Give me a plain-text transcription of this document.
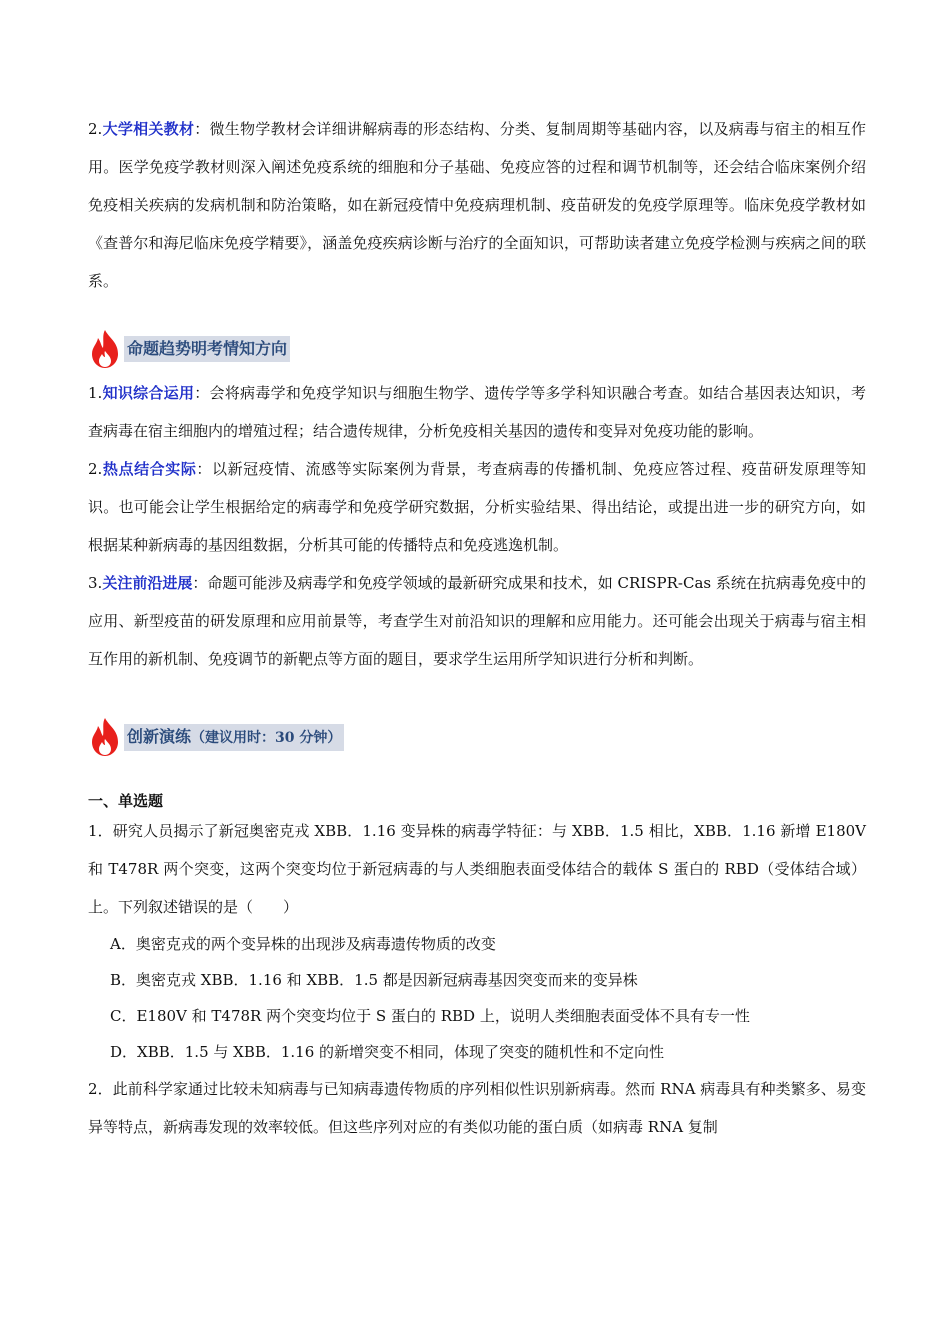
2.大学相关教材：微生物学教材会详细讲解病毒的形态结构、分类、复制周期等基础内容，以及病毒与宿主的相互作用。医学免疫学教材则深入阐述免疫系统的细胞和分子基础、免疫应答的过程和调节机制等，还会结合临床案例介绍免疫相关疾病的发病机制和防治策略，如在新冠疫情中免疫病理机制、疫苗研发的免疫学原理等。临床免疫学教材如《查普尔和海尼临床免疫学精要》，涵盖免疫疾病诊断与治疗的全面知识，可帮助读者建立免疫学检测与疾病之间的联系。

命题趋势明考情知方向

1.知识综合运用：会将病毒学和免疫学知识与细胞生物学、遗传学等多学科知识融合考查。如结合基因表达知识，考查病毒在宿主细胞内的增殖过程；结合遗传规律，分析免疫相关基因的遗传和变异对免疫功能的影响。

2.热点结合实际：以新冠疫情、流感等实际案例为背景，考查病毒的传播机制、免疫应答过程、疫苗研发原理等知识。也可能会让学生根据给定的病毒学和免疫学研究数据，分析实验结果、得出结论，或提出进一步的研究方向，如根据某种新病毒的基因组数据，分析其可能的传播特点和免疫逃逸机制。

3.关注前沿进展：命题可能涉及病毒学和免疫学领域的最新研究成果和技术，如 CRISPR-Cas 系统在抗病毒免疫中的应用、新型疫苗的研发原理和应用前景等，考查学生对前沿知识的理解和应用能力。还可能会出现关于病毒与宿主相互作用的新机制、免疫调节的新靶点等方面的题目，要求学生运用所学知识进行分析和判断。

创新演练（建议用时：30 分钟）
一、单选题

1．研究人员揭示了新冠奥密克戎 XBB．1.16 变异株的病毒学特征：与 XBB．1.5 相比，XBB．1.16 新增 E180V 和 T478R 两个突变，这两个突变均位于新冠病毒的与人类细胞表面受体结合的载体 S 蛋白的 RBD（受体结合域）上。下列叙述错误的是（　　）

A．奥密克戎的两个变异株的出现涉及病毒遗传物质的改变
B．奥密克戎 XBB．1.16 和 XBB．1.5 都是因新冠病毒基因突变而来的变异株
C．E180V 和 T478R 两个突变均位于 S 蛋白的 RBD 上，说明人类细胞表面受体不具有专一性
D．XBB．1.5 与 XBB．1.16 的新增突变不相同，体现了突变的随机性和不定向性

2．此前科学家通过比较未知病毒与已知病毒遗传物质的序列相似性识别新病毒。然而 RNA 病毒具有种类繁多、易变异等特点，新病毒发现的效率较低。但这些序列对应的有类似功能的蛋白质（如病毒 RNA 复制
